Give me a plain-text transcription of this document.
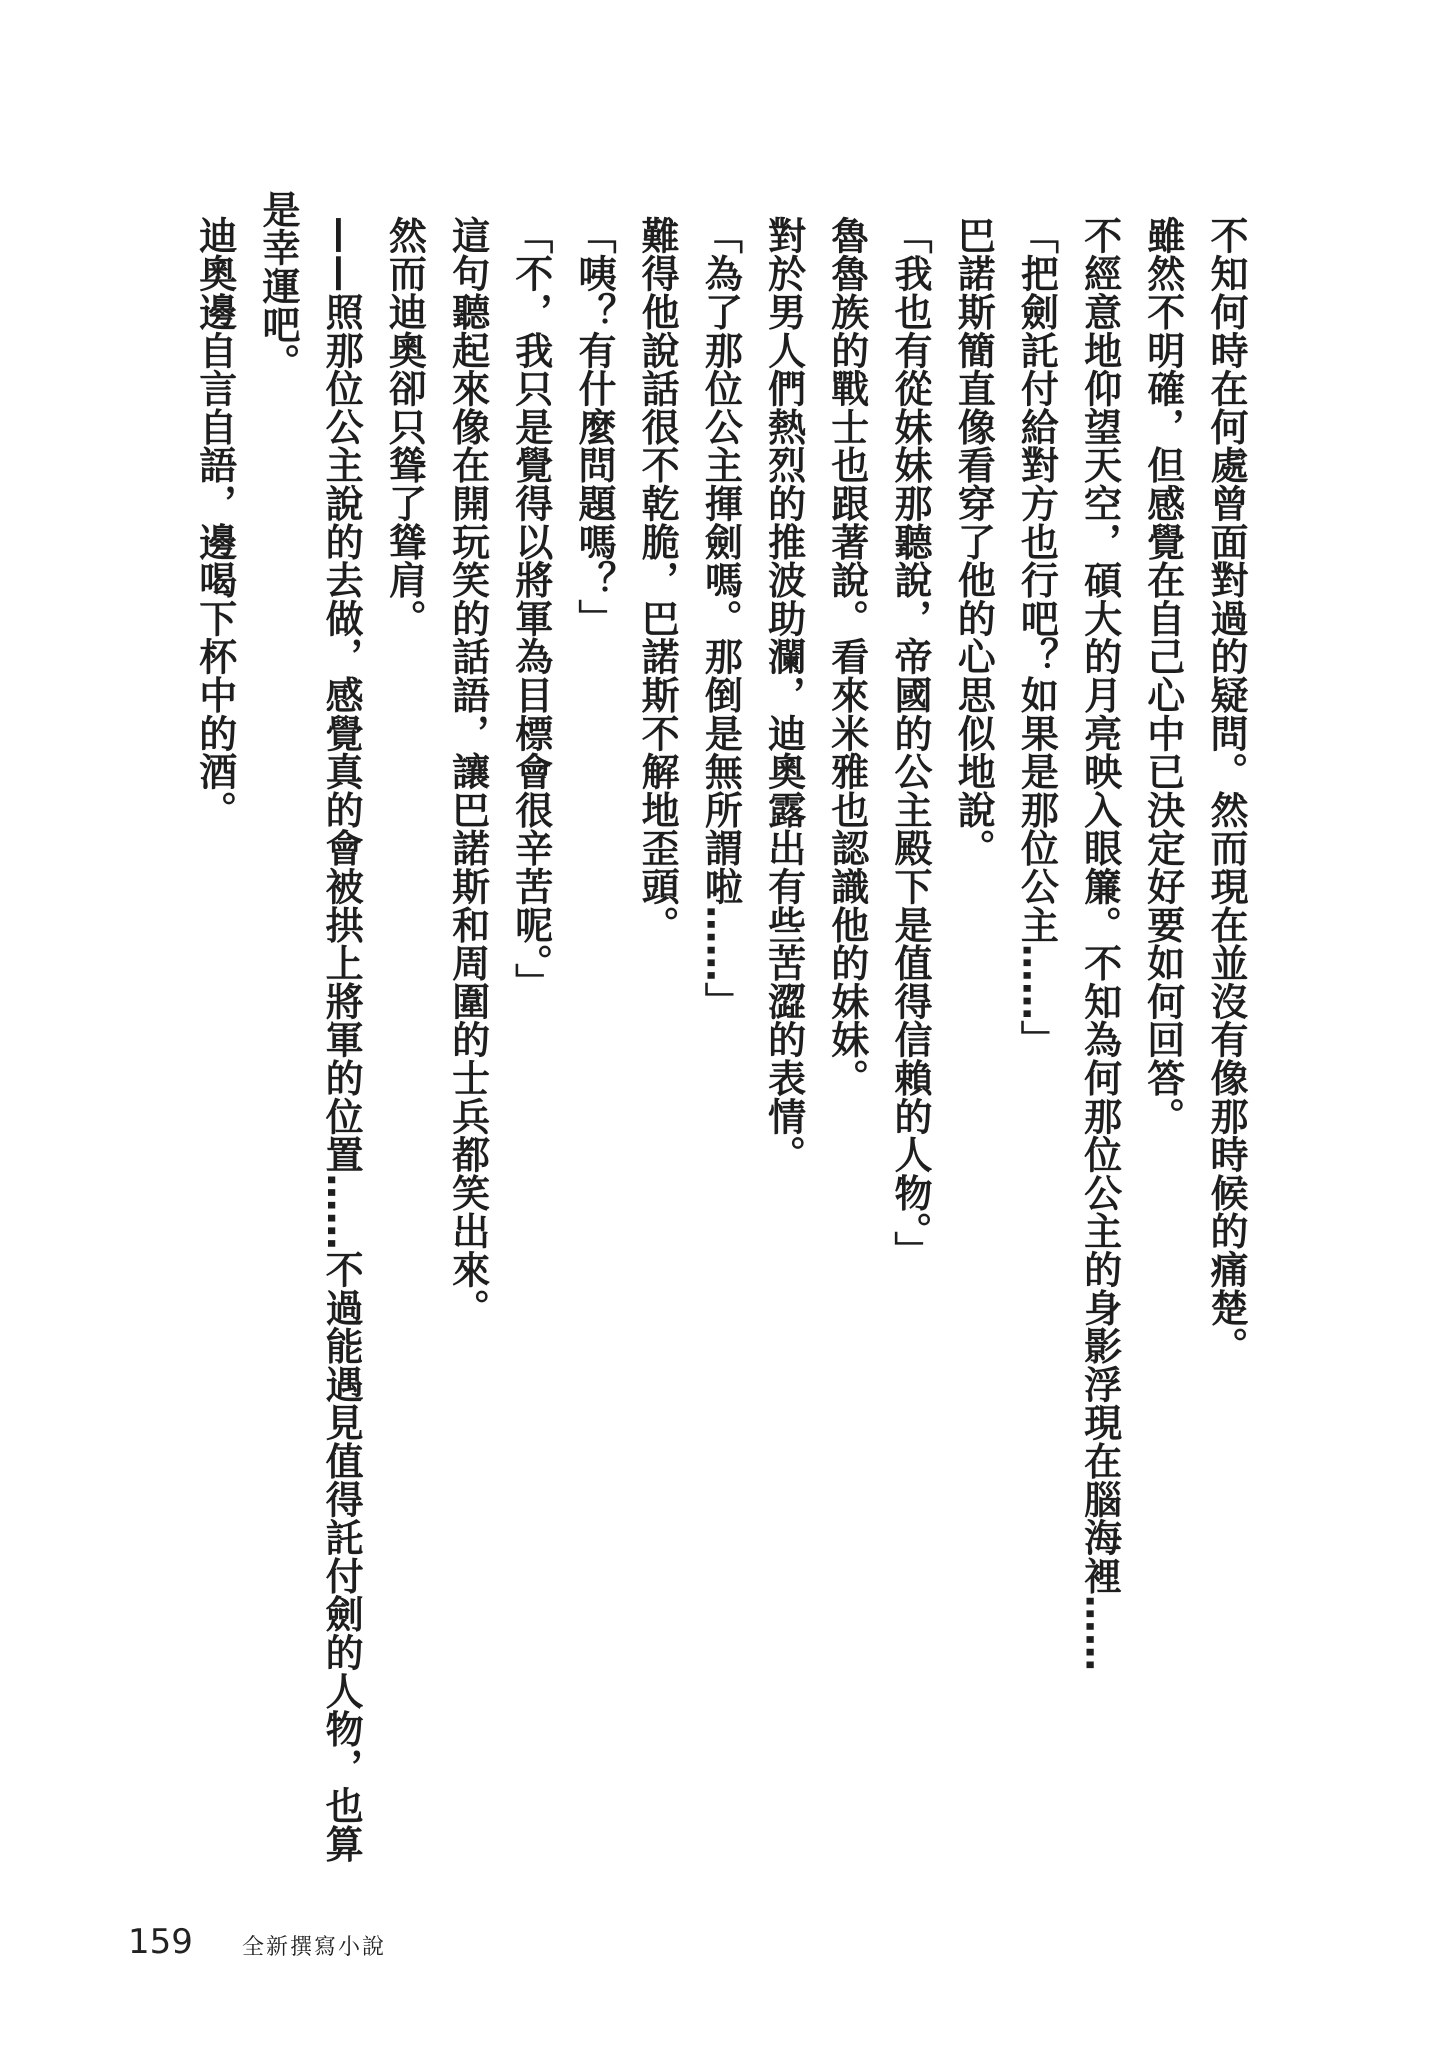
不知何時在何處曾面對過的疑問。然而現在並沒有像那時候的痛楚。

雖然不明確，但感覺在自己心中已決定好要如何回答。

不經意地仰望天空，碩大的月亮映入眼簾。不知為何那位公主的身影浮現在腦海裡……

「把劍託付給對方也行吧？如果是那位公主……」

巴諾斯簡直像看穿了他的心思似地說。

「我也有從妹妹那聽說，帝國的公主殿下是值得信賴的人物。」

魯魯族的戰士也跟著說。看來米雅也認識他的妹妹。

對於男人們熱烈的推波助瀾，迪奧露出有些苦澀的表情。

「為了那位公主揮劍嗎。那倒是無所謂啦……」

難得他說話很不乾脆，巴諾斯不解地歪頭。

「咦？有什麼問題嗎？」

「不，我只是覺得以將軍為目標會很辛苦呢。」

這句聽起來像在開玩笑的話語，讓巴諾斯和周圍的士兵都笑出來。

然而迪奧卻只聳了聳肩。

——照那位公主說的去做，感覺真的會被拱上將軍的位置……不過能遇見值得託付劍的人物，也算

是幸運吧。

迪奧邊自言自語，邊喝下杯中的酒。

159 全新撰寫小說
